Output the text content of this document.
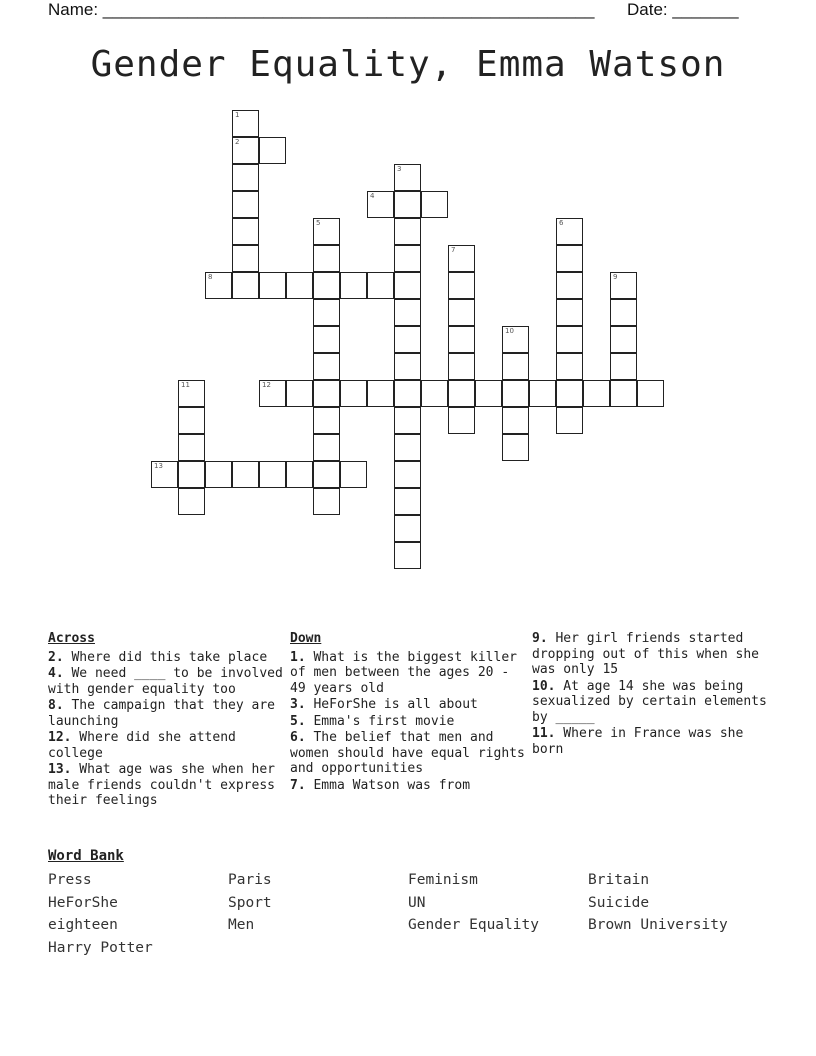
Name: ____________________________________________________ Date: _______
Gender Equality, Emma Watson
1
2
3
4
5	6
7
8	9
10
11	12
13
Across
2. Where did this take place
4. We need ____ to be involved with gender equality too
8. The campaign that they are launching
12. Where did she attend college
13. What age was she when her male friends couldn't express their feelings
Down
1. What is the biggest killer of men between the ages 20 - 49 years old
3. HeForShe is all about
5. Emma's first movie
6. The belief that men and women should have equal rights and opportunities
7. Emma Watson was from
9. Her girl friends started dropping out of this when she was only 15
10. At age 14 she was being sexualized by certain elements by _____
11. Where in France was she born
Word Bank
Press	Paris	Feminism	Britain
HeForShe	Sport	UN	Suicide
eighteen	Men	Gender Equality	Brown University
Harry Potter
